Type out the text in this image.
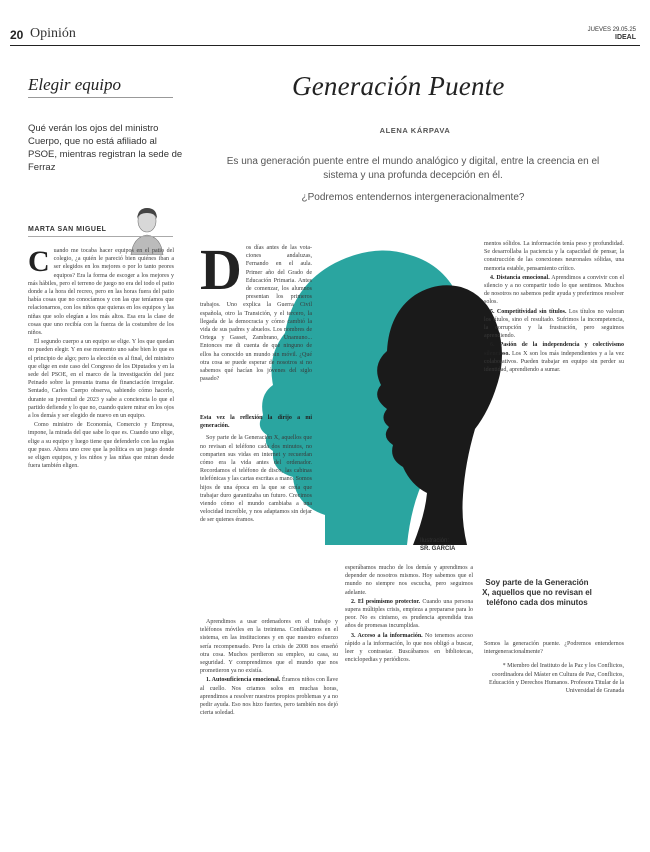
20 Opinión	JUEVES 29.05.25
IDEAL
Elegir equipo
Qué verán los ojos del ministro Cuerpo, que no está afiliado al PSOE, mientras registran la sede de Ferraz
MARTA SAN MIGUEL
C uando me tocaba hacer equipos en el patio del colegio, ¿a quién le pareció bien quiénes iban a ser elegidos en los mejores o por lo tanto peores equipos? Era la forma de escoger a los mejores y más hábiles, pero el terreno de juego no era del todo el patio donde a la hora del recreo, pero en las horas fuera del patio había cosas que no conocíamos y con las que teníamos que relacionarnos, con los niños que quieras en los equipos y las niñas que solo elegían a los más altos. Esa era la clase de cosas que uno recibía con la fuerza de la costumbre de los niños.

El segundo cuerpo a un equipo se elige. Y los que quedan no pueden elegir. Y en ese momento uno sabe bien lo que es el principio de algo; pero la elección es al final, del ministro que elige en este caso del Congreso de los Diputados y en la sede del PSOE, en el marco de la investigación del juez Peinado sobre la presunta trama de financiación irregular. Sentado, Carlos Cuerpo observa, sabiendo cómo hacerlo, durante su juventud de 2023 y sabe a conciencia lo que el partido defiende y lo que no, cuando quiere mirar en los ojos a los demás y ser elegido de nuevo en un equipo.

Como ministro de Economía, Comercio y Empresa, impone, la mirada del que sabe lo que es. Cuando uno elige, elige a su equipo y luego tiene que defenderlo con las reglas que puso. Ahora uno cree que la política es un juego donde se eligen equipos, y los niños y las niñas que miran desde fuera también eligen.

Generación Puente
ALENA KÁRPAVA
Es una generación puente entre el mundo analógico y digital, entre la creencia en el sistema y una profunda decepción en él.
¿Podremos entendernos intergeneracionalmente?
Ilustración:
SR. GARCÍA
D os días antes de las votaciones andaluzas, Fernando en el aula. Primer año del Grado de Educación Primaria. Antes de comenzar, los alumnos presentan los primeros trabajos. Uno explica la Guerra Civil española, otro la Transición, y el tercero, la llegada de la democracia y cómo cambió la vida de sus padres y abuelos. Los nombres de Ortega y Gasset, Zambrano, Unamuno... Entonces me di cuenta de que ninguno de ellos ha conocido un mundo sin móvil. ¿Qué otra cosa se puede esperar de nosotros si no sabemos qué hacían los jóvenes del siglo pasado?

Esta vez la reflexión la dirijo a mi generación.

Soy parte de la Generación X, aquellos que no revisan el teléfono cada dos minutos, no comparten sus vidas en internet y recuerdan cómo era la vida antes del ordenador. Recordamos el teléfono de disco, las cabinas telefónicas y las cartas escritas a mano. Somos hijos de una época en la que se creía que trabajar duro garantizaba un futuro. Crecimos viendo cómo el mundo cambiaba a una velocidad increíble, y nos adaptamos sin dejar de ser quienes éramos.

Aprendimos a usar ordenadores en el trabajo y teléfonos móviles en la treintena. Confiábamos en el sistema, en las instituciones y en que nuestro esfuerzo sería recompensado. Pero la crisis de 2008 nos enseñó otra cosa. Muchos perdieron su empleo, su casa, su seguridad. Y comprendimos que el mundo que nos prometieron ya no existía.

1. Autosuficiencia emocional. Éramos niños con llave al cuello. Nos criamos solos en muchas horas, aprendimos a resolver nuestros propios problemas y a no pedir ayuda. Eso nos hizo fuertes, pero también nos dejó cierta soledad.

esperábamos mucho de los demás y aprendimos a depender de nosotros mismos. Hoy sabemos que el mundo no siempre nos escucha, pero seguimos adelante.

2. El pesimismo protector. Cuando una persona supera múltiples crisis, empieza a prepararse para lo peor. No es cinismo, es prudencia aprendida tras años de promesas incumplidas.

3. Acceso a la información. No tenemos acceso rápido a la información, lo que nos obligó a buscar, leer y contrastar. Buscábamos en bibliotecas, enciclopedias y periódicos.

Soy parte de la Generación X, aquellos que no revisan el teléfono cada dos minutos

mentos sólidos. La información tenía peso y profundidad. Se desarrollaba la paciencia y la capacidad de pensar, la construcción de las conexiones neuronales sólidas, una memoria estable, pensamiento crítico.

4. Distancia emocional. Aprendimos a convivir con el silencio y a no compartir todo lo que sentimos. Muchos de nosotros no sabemos pedir ayuda y preferimos resolver solos.

5. Competitividad sin títulos. Los títulos no valoran los títulos, sino el resultado. Sufrimos la incompetencia, la corrupción y la frustración, pero seguimos aprendiendo.

6. Pasión de la independencia y colectivismo silencioso. Los X son los más independientes y a la vez colaborativos. Pueden trabajar en equipo sin perder su identidad, aprendiendo a sumar.

Somos la generación puente. ¿Podremos entendernos intergeneracionalmente?

* Miembro del Instituto de la Paz y los Conflictos, coordinadora del Máster en Cultura de Paz, Conflictos, Educación y Derechos Humanos. Profesora Titular de la Universidad de Granada
